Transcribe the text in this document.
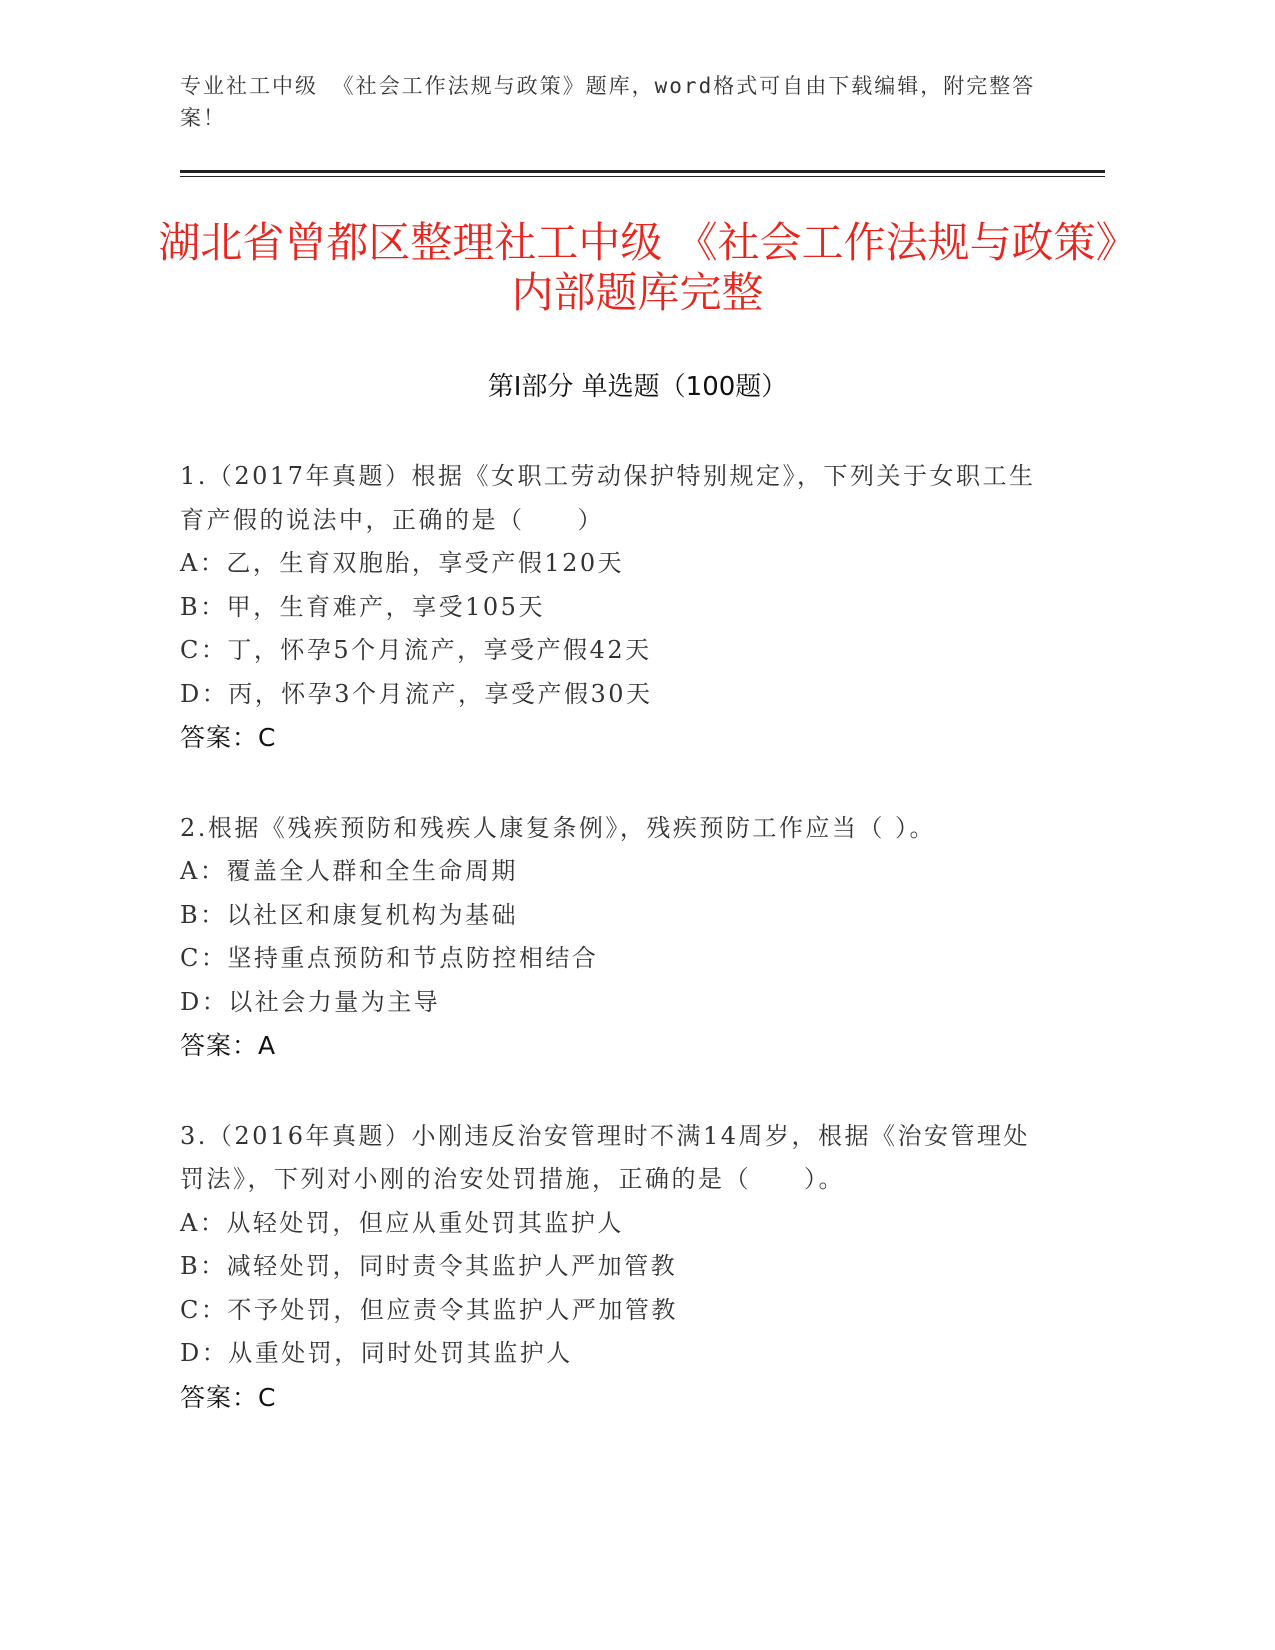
专业社工中级 《社会工作法规与政策》题库，word格式可自由下载编辑，附完整答案！
湖北省曾都区整理社工中级 《社会工作法规与政策》内部题库完整
第Ⅰ部分 单选题（100题）
1.（2017年真题）根据《女职工劳动保护特别规定》，下列关于女职工生育产假的说法中，正确的是（　　）
A：乙，生育双胞胎，享受产假120天
B：甲，生育难产，享受105天
C：丁，怀孕5个月流产，享受产假42天
D：丙，怀孕3个月流产，享受产假30天
答案：C
2.根据《残疾预防和残疾人康复条例》，残疾预防工作应当（ ）。
A：覆盖全人群和全生命周期
B：以社区和康复机构为基础
C：坚持重点预防和节点防控相结合
D：以社会力量为主导
答案：A
3.（2016年真题）小刚违反治安管理时不满14周岁，根据《治安管理处罚法》，下列对小刚的治安处罚措施，正确的是（　　）。
A：从轻处罚，但应从重处罚其监护人
B：减轻处罚，同时责令其监护人严加管教
C：不予处罚，但应责令其监护人严加管教
D：从重处罚，同时处罚其监护人
答案：C
